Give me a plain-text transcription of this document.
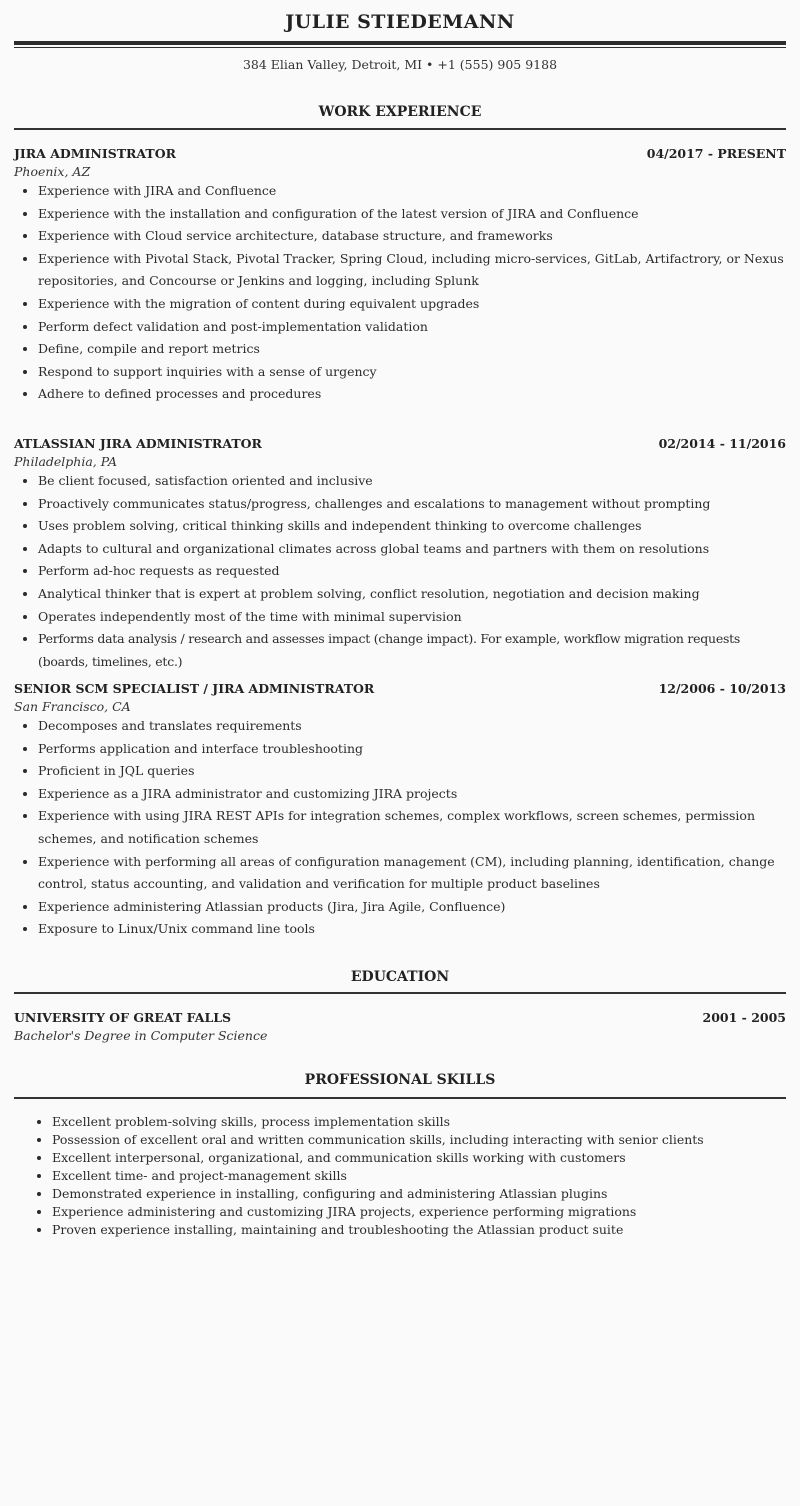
JULIE STIEDEMANN
384 Elian Valley, Detroit, MI • +1 (555) 905 9188
WORK EXPERIENCE
JIRA ADMINISTRATOR	04/2017 - PRESENT
Phoenix, AZ
• Experience with JIRA and Confluence
• Experience with the installation and configuration of the latest version of JIRA and Confluence
• Experience with Cloud service architecture, database structure, and frameworks
• Experience with Pivotal Stack, Pivotal Tracker, Spring Cloud, including micro-services, GitLab, Artifactrory, or Nexus repositories, and Concourse or Jenkins and logging, including Splunk
• Experience with the migration of content during equivalent upgrades
• Perform defect validation and post-implementation validation
• Define, compile and report metrics
• Respond to support inquiries with a sense of urgency
• Adhere to defined processes and procedures
ATLASSIAN JIRA ADMINISTRATOR	02/2014 - 11/2016
Philadelphia, PA
• Be client focused, satisfaction oriented and inclusive
• Proactively communicates status/progress, challenges and escalations to management without prompting
• Uses problem solving, critical thinking skills and independent thinking to overcome challenges
• Adapts to cultural and organizational climates across global teams and partners with them on resolutions
• Perform ad-hoc requests as requested
• Analytical thinker that is expert at problem solving, conflict resolution, negotiation and decision making
• Operates independently most of the time with minimal supervision
• Performs data analysis / research and assesses impact (change impact). For example, workflow migration requests (boards, timelines, etc.)
SENIOR SCM SPECIALIST / JIRA ADMINISTRATOR	12/2006 - 10/2013
San Francisco, CA
• Decomposes and translates requirements
• Performs application and interface troubleshooting
• Proficient in JQL queries
• Experience as a JIRA administrator and customizing JIRA projects
• Experience with using JIRA REST APIs for integration schemes, complex workflows, screen schemes, permission schemes, and notification schemes
• Experience with performing all areas of configuration management (CM), including planning, identification, change control, status accounting, and validation and verification for multiple product baselines
• Experience administering Atlassian products (Jira, Jira Agile, Confluence)
• Exposure to Linux/Unix command line tools
EDUCATION
UNIVERSITY OF GREAT FALLS	2001 - 2005
Bachelor's Degree in Computer Science
PROFESSIONAL SKILLS
• Excellent problem-solving skills, process implementation skills
• Possession of excellent oral and written communication skills, including interacting with senior clients
• Excellent interpersonal, organizational, and communication skills working with customers
• Excellent time- and project-management skills
• Demonstrated experience in installing, configuring and administering Atlassian plugins
• Experience administering and customizing JIRA projects, experience performing migrations
• Proven experience installing, maintaining and troubleshooting the Atlassian product suite
